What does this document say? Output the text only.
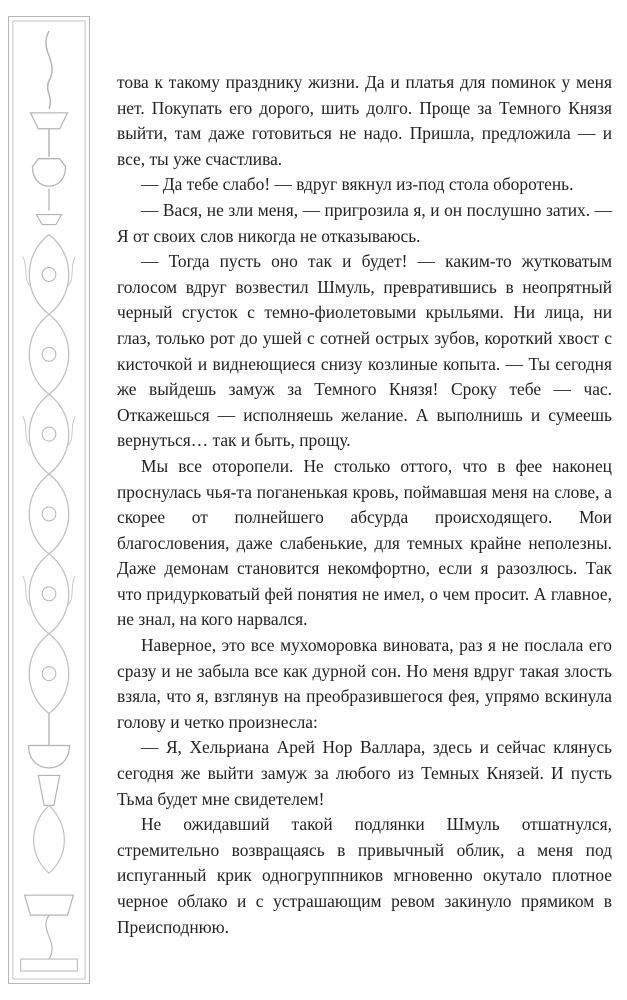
това к такому празднику жизни. Да и платья для поминок у меня нет. Покупать его дорого, шить долго. Проще за Темного Князя выйти, там даже готовиться не надо. Пришла, предложила — и все, ты уже счастлива.

— Да тебе слабо! — вдруг вякнул из-под стола оборотень.

— Вася, не зли меня, — пригрозила я, и он послушно затих. — Я от своих слов никогда не отказываюсь.

— Тогда пусть оно так и будет! — каким-то жутковатым голосом вдруг возвестил Шмуль, превратившись в неопрятный черный сгусток с темно-фиолетовыми крыльями. Ни лица, ни глаз, только рот до ушей с сотней острых зубов, короткий хвост с кисточкой и виднеющиеся снизу козлиные копыта. — Ты сегодня же выйдешь замуж за Темного Князя! Сроку тебе — час. Откажешься — исполняешь желание. А выполнишь и сумеешь вернуться… так и быть, прощу.

Мы все оторопели. Не столько оттого, что в фее наконец проснулась чья-та поганенькая кровь, поймавшая меня на слове, а скорее от полнейшего абсурда происходящего. Мои благословения, даже слабенькие, для темных крайне неполезны. Даже демонам становится некомфортно, если я разозлюсь. Так что придурковатый фей понятия не имел, о чем просит. А главное, не знал, на кого нарвался.

Наверное, это все мухоморовка виновата, раз я не послала его сразу и не забыла все как дурной сон. Но меня вдруг такая злость взяла, что я, взглянув на преобразившегося фея, упрямо вскинула голову и четко произнесла:

— Я, Хельриана Арей Нор Валлара, здесь и сейчас клянусь сегодня же выйти замуж за любого из Темных Князей. И пусть Тьма будет мне свидетелем!

Не ожидавший такой подлянки Шмуль отшатнулся, стремительно возвращаясь в привычный облик, а меня под испуганный крик одногруппников мгновенно окутало плотное черное облако и с устрашающим ревом закинуло прямиком в Преисподнюю.
